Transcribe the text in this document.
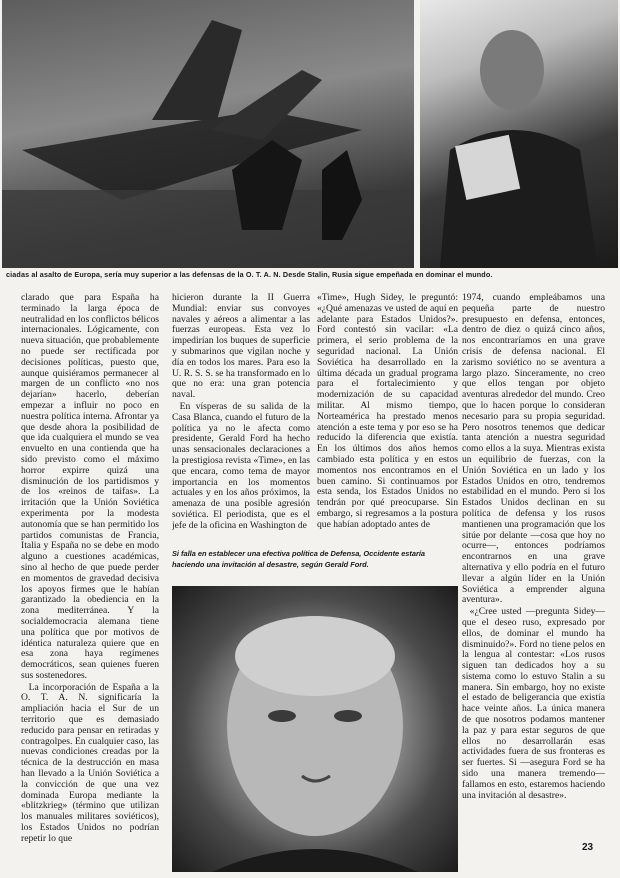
ciadas al asalto de Europa, sería muy superior a las defensas de la O. T. A. N. Desde Stalin, Rusia sigue empeñada en dominar el mundo.

clarado que para España ha terminado la larga época de neutralidad en los conflictos bélicos internacionales. Lógicamente, con nueva situación, que probablemente no puede ser rectificada por decisiones políticas, puesto que, aunque quisiéramos permanecer al margen de un conflicto «no nos dejarían» hacerlo, deberían empezar a influir no poco en nuestra política interna. Afrontar ya que desde ahora la posibilidad de que ida cualquiera el mundo se vea envuelto en una contienda que ha sido previsto como el máximo horror expirre quizá una disminución de los partidismos y de los «reinos de taifas». La irritación que la Unión Soviética experimenta por la modesta autonomía que se han permitido los partidos comunistas de Francia, Italia y España no se debe en modo alguno a cuestiones académicas, sino al hecho de que puede perder en momentos de gravedad decisiva los apoyos firmes que le habían garantizado la obediencia en la zona mediterránea. Y la socialdemocracia alemana tiene una política que por motivos de idéntica naturaleza quiere que en esa zona haya regímenes democráticos, sean quienes fueren sus sostenedores.

La incorporación de España a la O. T. A. N. significaría la ampliación hacia el Sur de un territorio que es demasiado reducido para pensar en retiradas y contragolpes. En cualquier caso, las nuevas condiciones creadas por la técnica de la destrucción en masa han llevado a la Unión Soviética a la convicción de que una vez dominada Europa mediante la «blitzkrieg» (término que utilizan los manuales militares soviéticos), los Estados Unidos no podrían repetir lo que

hicieron durante la II Guerra Mundial: enviar sus convoyes navales y aéreos a alimentar a las fuerzas europeas. Esta vez lo impedirían los buques de superficie y submarinos que vigilan noche y día en todos los mares. Para eso la U. R. S. S. se ha transformado en lo que no era: una gran potencia naval.

En vísperas de su salida de la Casa Blanca, cuando el futuro de la política ya no le afecta como presidente, Gerald Ford ha hecho unas sensacionales declaraciones a la prestigiosa revista «Time», en las que encara, como tema de mayor importancia en los momentos actuales y en los años próximos, la amenaza de una posible agresión soviética. El periodista, que es el jefe de la oficina en Washington de

«Time», Hugh Sidey, le preguntó: «¿Qué amenazas ve usted de aquí en adelante para Estados Unidos?». Ford contestó sin vacilar: «La primera, el serio problema de la seguridad nacional. La Unión Soviética ha desarrollado en la última década un gradual programa para el fortalecimiento y modernización de su capacidad militar. Al mismo tiempo, Norteamérica ha prestado menos atención a este tema y por eso se ha reducido la diferencia que existía. En los últimos dos años hemos cambiado esta política y en estos momentos nos encontramos en el buen camino. Si continuamos por esta senda, los Estados Unidos no tendrán por qué preocuparse. Sin embargo, si regresamos a la postura que habían adoptado antes de

Si falla en establecer una efectiva política de Defensa, Occidente estaría haciendo una invitación al desastre, según Gerald Ford.

1974, cuando empleábamos una pequeña parte de nuestro presupuesto en defensa, entonces, dentro de diez o quizá cinco años, nos encontraríamos en una grave crisis de defensa nacional. El zarismo soviético no se aventura a largo plazo. Sinceramente, no creo que ellos tengan por objeto aventuras alrededor del mundo. Creo que lo hacen porque lo consideran necesario para su propia seguridad. Pero nosotros tenemos que dedicar tanta atención a nuestra seguridad como ellos a la suya. Mientras exista un equilibrio de fuerzas, con la Unión Soviética en un lado y los Estados Unidos en otro, tendremos estabilidad en el mundo. Pero si los Estados Unidos declinan en su política de defensa y los rusos mantienen una programación que los sitúe por delante —cosa que hoy no ocurre—, entonces podríamos encontrarnos en una grave alternativa y ello podría en el futuro llevar a algún líder en la Unión Soviética a emprender alguna aventura».

«¿Cree usted —pregunta Sidey— que el deseo ruso, expresado por ellos, de dominar el mundo ha disminuido?». Ford no tiene pelos en la lengua al contestar: «Los rusos siguen tan dedicados hoy a su sistema como lo estuvo Stalin a su manera. Sin embargo, hoy no existe el estado de beligerancia que existía hace veinte años. La única manera de que nosotros podamos mantener la paz y para estar seguros de que ellos no desarrollarán esas actividades fuera de sus fronteras es ser fuertes. Si —asegura Ford se ha sido una manera tremendo— fallamos en esto, estaremos haciendo una invitación al desastre».

23
